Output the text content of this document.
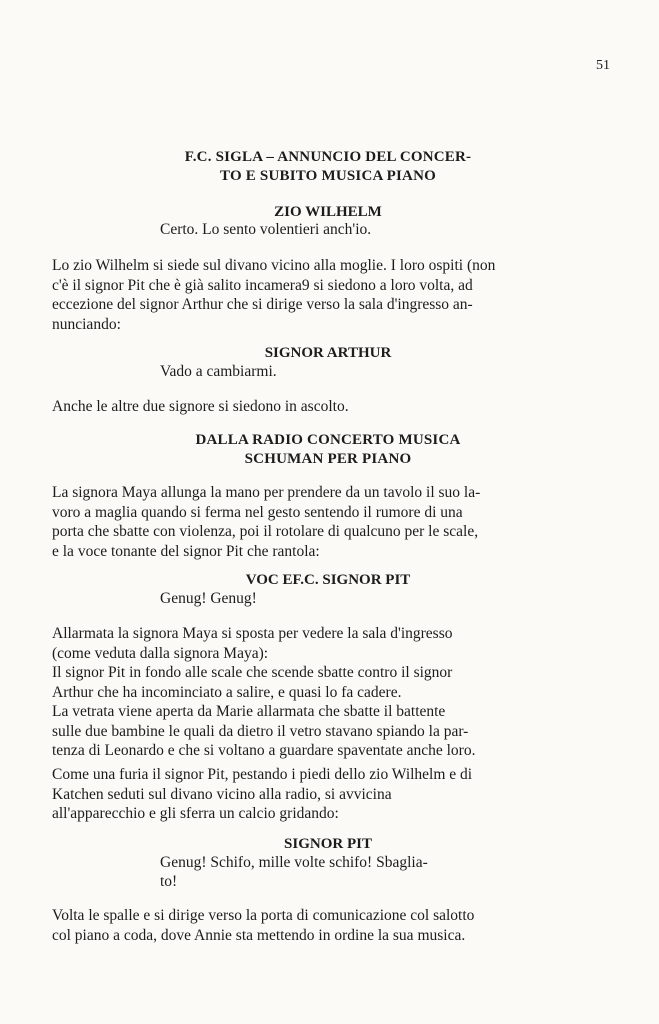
51
F.C. SIGLA – ANNUNCIO DEL CONCER-
TO E SUBITO MUSICA PIANO
ZIO WILHELM
Certo. Lo sento volentieri anch'io.
Lo zio Wilhelm si siede sul divano vicino alla moglie. I loro ospiti (non
c'è il signor Pit che è già salito incamera9 si siedono a loro volta, ad
eccezione del signor Arthur che si dirige verso la sala d'ingresso an-
nunciando:
SIGNOR ARTHUR
Vado a cambiarmi.
Anche le altre due signore si siedono in ascolto.
DALLA RADIO CONCERTO MUSICA
SCHUMAN PER PIANO
La signora Maya allunga la mano per prendere da un tavolo il suo la-
voro a maglia quando si ferma nel gesto sentendo il rumore di una
porta che sbatte con violenza, poi il rotolare di qualcuno per le scale,
e la voce tonante del signor Pit che rantola:
VOC EF.C. SIGNOR PIT
Genug! Genug!
Allarmata la signora Maya si sposta per vedere la sala d'ingresso
(come veduta dalla signora Maya):
Il signor Pit in fondo alle scale che scende sbatte contro il signor
Arthur che ha incominciato a salire, e quasi lo fa cadere.
La vetrata viene aperta da Marie allarmata che sbatte il battente
sulle due bambine le quali da dietro il vetro stavano spiando la par-
tenza di Leonardo e che si voltano a guardare spaventate anche loro.
Come una furia il signor Pit, pestando i piedi dello zio Wilhelm e di
Katchen seduti sul divano vicino alla radio, si avvicina
all'apparecchio e gli sferra un calcio gridando:
SIGNOR PIT
Genug! Schifo, mille volte schifo! Sbaglia-
to!
Volta le spalle e si dirige verso la porta di comunicazione col salotto
col piano a coda, dove Annie sta mettendo in ordine la sua musica.
